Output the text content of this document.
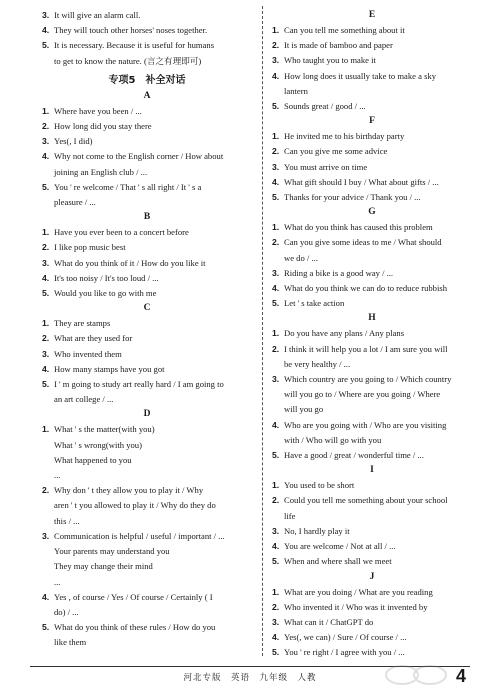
3. It will give an alarm call.
4. They will touch other horses' noses together.
5. It is necessary. Because it is useful for humans
to get to know the nature. (言之有理即可)
专项5　补全对话
A
1. Where have you been / ...
2. How long did you stay there
3. Yes(, I did)
4. Why not come to the English corner / How about
joining an English club / ...
5. You ' re welcome / That ' s all right / It ' s a
pleasure / ...
B
1. Have you ever been to a concert before
2. I like pop music best
3. What do you think of it / How do you like it
4. It's too noisy / It's too loud / ...
5. Would you like to go with me
C
1. They are stamps
2. What are they used for
3. Who invented them
4. How many stamps have you got
5. I ' m going to study art really hard / I am going to
an art college / ...
D
1. What ' s the matter(with you)
What ' s wrong(with you)
What happened to you
...
2. Why don ' t they allow you to play it / Why
aren ' t you allowed to play it / Why do they do
this / ...
3. Communication is helpful / useful / important / ...
Your parents may understand you
They may change their mind
...
4. Yes , of course / Yes / Of course / Certainly ( I
do) / ...
5. What do you think of these rules / How do you
like them
E
1. Can you tell me something about it
2. It is made of bamboo and paper
3. Who taught you to make it
4. How long does it usually take to make a sky
lantern
5. Sounds great / good / ...
F
1. He invited me to his birthday party
2. Can you give me some advice
3. You must arrive on time
4. What gift should I buy / What about gifts / ...
5. Thanks for your advice / Thank you / ...
G
1. What do you think has caused this problem
2. Can you give some ideas to me / What should
we do / ...
3. Riding a bike is a good way / ...
4. What do you think we can do to reduce rubbish
5. Let ' s take action
H
1. Do you have any plans / Any plans
2. I think it will help you a lot / I am sure you will
be very healthy / ...
3. Which country are you going to / Which country
will you go to / Where are you going / Where
will you go
4. Who are you going with / Who are you visiting
with / Who will go with you
5. Have a good / great / wonderful time / ...
I
1. You used to be short
2. Could you tell me something about your school
life
3. No, I hardly play it
4. You are welcome / Not at all / ...
5. When and where shall we meet
J
1. What are you doing / What are you reading
2. Who invented it / Who was it invented by
3. What can it / ChatGPT do
4. Yes(, we can) / Sure / Of course / ...
5. You ' re right / I agree with you / ...
河北专版　英语　九年级　人教	4
